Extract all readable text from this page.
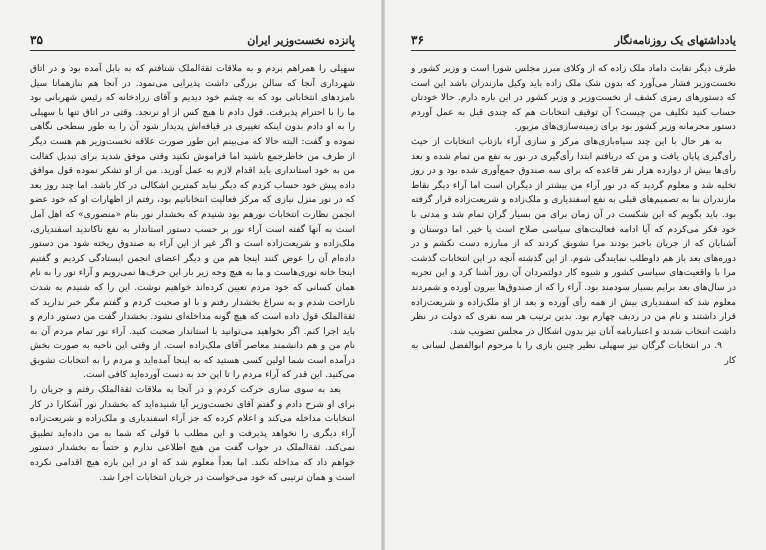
۳۵	پانزده نخست‌وزیر ایران

سهیلی را همراهم بردم و به ملاقات ثقةالملک شتافتم که به بابل آمده بود و در اتاق شهرداری آنجا که سالن بزرگی داشت پذیرایی می‌نمود. در آنجا هم بنازهمانا سیل نامزدهای انتخاباتی بود که به چشم خود دیدیم و آقای زرادخانه که رئیس شهربانی بود ما را با احترام پذیرفت. قول دادم تا هیچ کس از او نرنجد. وقتی در اتاق تنها با سهیلی را به او دادم بدون اینکه تغییری در قیافه‌اش پدیدار شود آن را به طور سطحی نگاهی نموده و گفت: البته حالا که می‌بینم این طور صورت علاقه نخست‌وزیر هم هست دیگر از طرف من خاطرجمع باشید اما فراموش نکنید وقتی موفق شدید برای تبدیل کفالت من به خود استانداری باید اقدام لازم به عمل آورید. من از او تشکر نموده قول موافق داده پیش خود حساب کردم که دیگر نباید کمترین اشکالی در کار باشد. اما چند روز بعد که در نور منزل نیازی که مرکز فعالیت انتخاباتیم بود، رفتم از اظهارات او که خود عضو انجمن نظارت انتخابات نورهم بود شنیدم که بخشدار نور بنام «منصوری» که اهل آمل است به آنها گفته است آراء نور بر حسب دستور استاندار به نفع ناکاندید اسفندیاری، ملک‌زاده و شریعت‌زاده است و اگر غیر از این آراء به صندوق ریخته شود من دستور داده‌ام آن را عوض کنند اینجا هم من و دیگر اعضای انجمن ایستادگی کردیم و گفتیم اینجا خانه نوری‌هاست و ما به هیچ وجه زیر بار این حرف‌ها نمی‌رویم و آراء نور را به نام همان کسانی که خود مردم تعیین کرده‌اند خواهیم نوشت. این را که شنیدم به شدت ناراحت شدم و به سراغ بخشدار رفتم و با او صحبت کردم و گفتم مگر خبر ندارید که ثقةالملک قول داده است که هیچ گونه مداخله‌ای نشود. بخشدار گفت من دستور دارم و باید اجرا کنم. اگر بخواهید می‌توانید با استاندار صحبت کنید. آراء نور تمام مردم آن به نام من و هم دانشمند معاصر آقای ملک‌زاده است. از وقتی این ناحیه به صورت بخش درآمده است شما اولین کسی هستید که به اینجا آمده‌اید و مردم را به انتخابات تشویق می‌کنید. این قدر که آراء مردم را تا این حد به دست آورده‌اید کافی است.

بعد به سوی ساری حرکت کردم و در آنجا به ملاقات ثقةالملک رفتم و جریان را برای او شرح دادم و گفتم آقای نخست‌وزیر آیا شنیده‌اید که بخشدار نور آشکارا در کار انتخابات مداخله می‌کند و اعلام کرده که جز آراء اسفندیاری و ملک‌زاده و شریعت‌زاده آراء دیگری را نخواهد پذیرفت و این مطلب با قولی که شما به من داده‌اید تطبیق نمی‌کند. ثقةالملک در جواب گفت من هیچ اطلاعی ندارم و حتماً به بخشدار دستور خواهم داد که مداخله نکند. اما بعداً معلوم شد که او در این باره هیچ اقدامی نکرده است و همان ترتیبی که خود می‌خواست در جریان انتخابات اجرا شد.

۳۶	یادداشتهای یک روزنامه‌نگار

طرف دیگر نقابت داماد ملک زاده که از وکلای مبرز مجلس شورا است و وزیر کشور و نخست‌وزیر فشار می‌آورد که بدون شک ملک زاده باید وکیل مازندران باشد این است که دستورهای رمزی کشف از نخست‌وزیر و وزیر کشور در این باره دارم. حالا خودتان حساب کنید تکلیف من چیست؟ آن توقیف انتخابات هم که چندی قبل به عمل آوردم دستور محرمانه وزیر کشور بود برای زمینه‌سازی‌های مزبور.

به هر حال با این چند سیاه‌بازی‌های مرکز و سازی آراء بازتاب انتخابات از حیث رأی‌گیری پایان یافت و من که دریافتم ابتدا رأی‌گیری در نور به نفع من تمام شده و بعد رأی‌ها بیش از دوازده هزار نفر قاعده که برای سه صندوق جمع‌آوری شده بود و در روز تخلیه شد و معلوم گردید که در نور آراء من بیشتر از دیگران است اما آراء دیگر نقاط مازندران بنا به تصمیم‌های قبلی به نفع اسفندیاری و ملک‌زاده و شریعت‌زاده قرار گرفته بود. باید بگویم که این شکست در آن زمان برای من بسیار گران تمام شد و مدتی با خود فکر می‌کردم که آیا ادامه فعالیت‌های سیاسی صلاح است یا خیر. اما دوستان و آشنایان که از جریان باخبر بودند مرا تشویق کردند که از مبارزه دست نکشم و در دوره‌های بعد باز هم داوطلب نمایندگی شوم. از این گذشته آنچه در این انتخابات گذشت مرا با واقعیت‌های سیاسی کشور و شیوه کار دولتمردان آن روز آشنا کرد و این تجربه در سال‌های بعد برایم بسیار سودمند بود. آراء را که از صندوق‌ها بیرون آورده و شمردند معلوم شد که اسفندیاری بیش از همه رأی آورده و بعد از او ملک‌زاده و شریعت‌زاده قرار داشتند و نام من در ردیف چهارم بود. بدین ترتیب هر سه نفری که دولت در نظر داشت انتخاب شدند و اعتبارنامه آنان نیز بدون اشکال در مجلس تصویب شد.

۹. در انتخابات گرگان نیز سهیلی نظیر چنین بازی را با مرحوم ابوالفضل لسانی به کار
